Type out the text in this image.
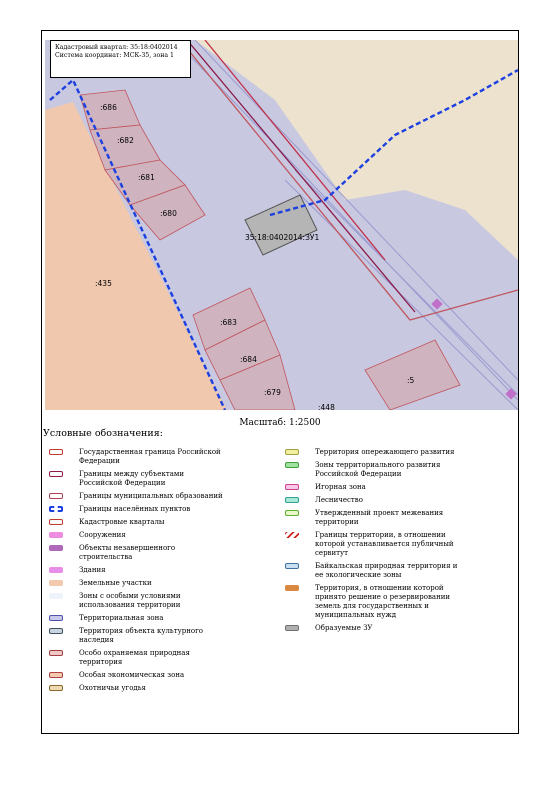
:686
:682
:681
:680
:435
:683
:684
:679
:448
:5
35:18:0402014:ЗУ1
Кадастровый квартал: 35:18:0402014
Система координат: МСК-35, зона 1
Масштаб: 1:2500
Условные обозначения:
Государственная граница Российской Федерации
Границы между субъектами Российской Федерации
Границы муниципальных образований
Границы населённых пунктов
Кадастровые кварталы
Сооружения
Объекты незавершенного строительства
Здания
Земельные участки
Зоны с особыми условиями использования территории
Территориальная зона
Территория объекта культурного наследия
Особо охраняемая природная территория
Особая экономическая зона
Охотничьи угодья
Территория опережающего развития
Зоны территориального развития Российской Федерации
Игорная зона
Лесничество
Утвержденный проект межевания территории
Границы территории, в отношении которой устанавливается публичный сервитут
Байкальская природная территория и ее экологические зоны
Территория, в отношении которой принято решение о резервировании земель для государственных и муниципальных нужд
Образуемые ЗУ
